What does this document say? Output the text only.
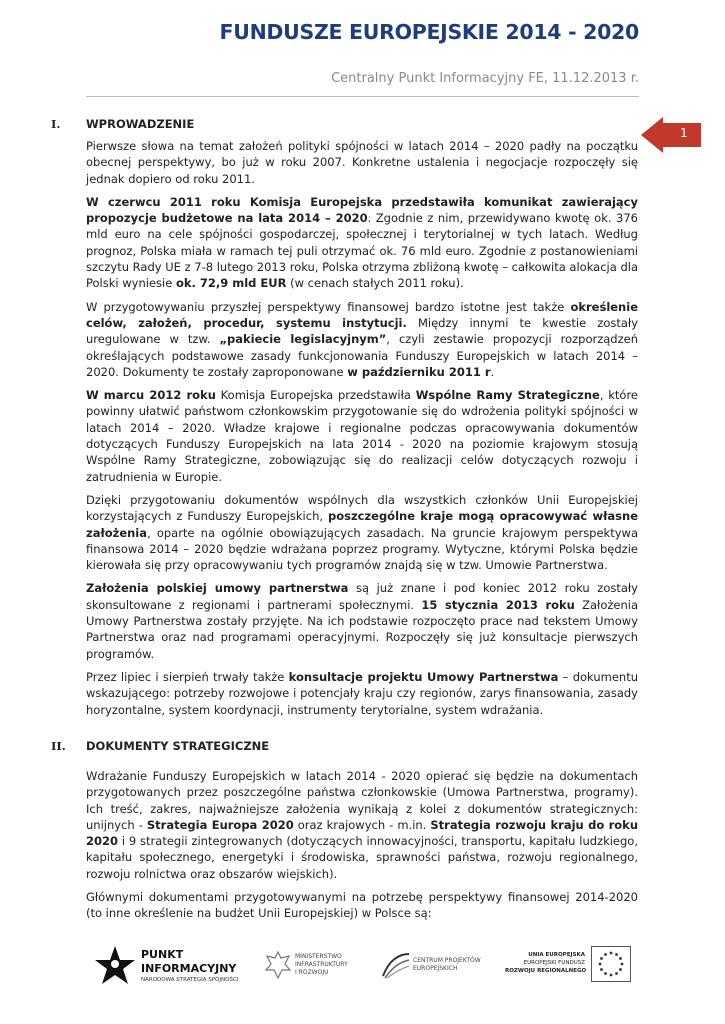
FUNDUSZE EUROPEJSKIE 2014 - 2020
Centralny Punkt Informacyjny FE, 11.12.2013 r.
1
I. WPROWADZENIE

Pierwsze słowa na temat założeń polityki spójności w latach 2014 – 2020 padły na początku obecnej perspektywy, bo już w roku 2007. Konkretne ustalenia i negocjacje rozpoczęły się jednak dopiero od roku 2011.

W czerwcu 2011 roku Komisja Europejska przedstawiła komunikat zawierający propozycje budżetowe na lata 2014 – 2020. Zgodnie z nim, przewidywano kwotę ok. 376 mld euro na cele spójności gospodarczej, społecznej i terytorialnej w tych latach. Według prognoz, Polska miała w ramach tej puli otrzymać ok. 76 mld euro. Zgodnie z postanowieniami szczytu Rady UE z 7-8 lutego 2013 roku, Polska otrzyma zbliżoną kwotę – całkowita alokacja dla Polski wyniesie ok. 72,9 mld EUR (w cenach stałych 2011 roku).

W przygotowywaniu przyszłej perspektywy finansowej bardzo istotne jest także określenie celów, założeń, procedur, systemu instytucji. Między innymi te kwestie zostały uregulowane w tzw. „pakiecie legislacyjnym”, czyli zestawie propozycji rozporządzeń określających podstawowe zasady funkcjonowania Funduszy Europejskich w latach 2014 – 2020. Dokumenty te zostały zaproponowane w październiku 2011 r.

W marcu 2012 roku Komisja Europejska przedstawiła Wspólne Ramy Strategiczne, które powinny ułatwić państwom członkowskim przygotowanie się do wdrożenia polityki spójności w latach 2014 – 2020. Władze krajowe i regionalne podczas opracowywania dokumentów dotyczących Funduszy Europejskich na lata 2014 - 2020 na poziomie krajowym stosują Wspólne Ramy Strategiczne, zobowiązując się do realizacji celów dotyczących rozwoju i zatrudnienia w Europie.

Dzięki przygotowaniu dokumentów wspólnych dla wszystkich członków Unii Europejskiej korzystających z Funduszy Europejskich, poszczególne kraje mogą opracowywać własne założenia, oparte na ogólnie obowiązujących zasadach. Na gruncie krajowym perspektywa finansowa 2014 – 2020 będzie wdrażana poprzez programy. Wytyczne, którymi Polska będzie kierowała się przy opracowywaniu tych programów znajdą się w tzw. Umowie Partnerstwa.

Założenia polskiej umowy partnerstwa są już znane i pod koniec 2012 roku zostały skonsultowane z regionami i partnerami społecznymi. 15 stycznia 2013 roku Założenia Umowy Partnerstwa zostały przyjęte. Na ich podstawie rozpoczęto prace nad tekstem Umowy Partnerstwa oraz nad programami operacyjnymi. Rozpoczęły się już konsultacje pierwszych programów.

Przez lipiec i sierpień trwały także konsultacje projektu Umowy Partnerstwa – dokumentu wskazującego: potrzeby rozwojowe i potencjały kraju czy regionów, zarys finansowania, zasady horyzontalne, system koordynacji, instrumenty terytorialne, system wdrażania.

II. DOKUMENTY STRATEGICZNE

Wdrażanie Funduszy Europejskich w latach 2014 - 2020 opierać się będzie na dokumentach przygotowanych przez poszczególne państwa członkowskie (Umowa Partnerstwa, programy). Ich treść, zakres, najważniejsze założenia wynikają z kolei z dokumentów strategicznych: unijnych - Strategia Europa 2020 oraz krajowych - m.in. Strategia rozwoju kraju do roku 2020 i 9 strategii zintegrowanych (dotyczących innowacyjności, transportu, kapitału ludzkiego, kapitału społecznego, energetyki i środowiska, sprawności państwa, rozwoju regionalnego, rozwoju rolnictwa oraz obszarów wiejskich).

Głównymi dokumentami przygotowywanymi na potrzebę perspektywy finansowej 2014-2020 (to inne określenie na budżet Unii Europejskiej) w Polsce są:

PUNKT
INFORMACYJNY
NARODOWA STRATEGIA SPÓJNOŚCI
MINISTERSTWO
INFRASTRUKTURY
I ROZWOJU
CENTRUM PROJEKTÓW
EUROPEJSKICH
UNIA EUROPEJSKA
EUROPEJSKI FUNDUSZ
ROZWOJU REGIONALNEGO
